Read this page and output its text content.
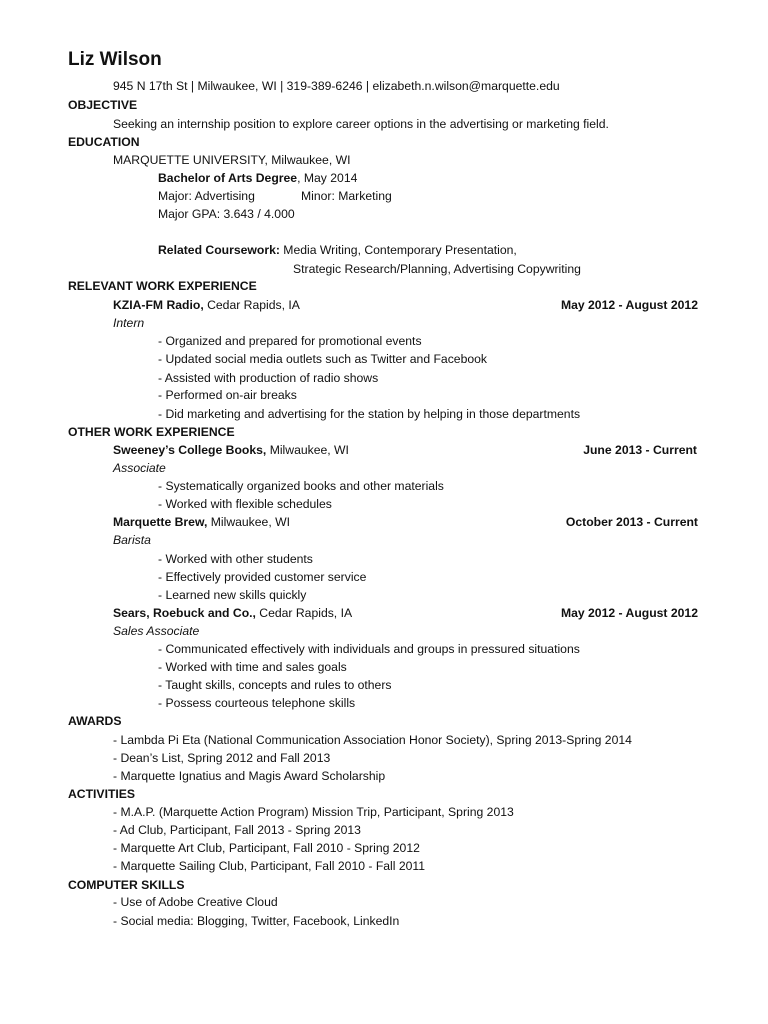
Liz Wilson
945 N 17th St | Milwaukee, WI | 319-389-6246 | elizabeth.n.wilson@marquette.edu
OBJECTIVE
Seeking an internship position to explore career options in the advertising or marketing field.
EDUCATION
MARQUETTE UNIVERSITY, Milwaukee, WI
Bachelor of Arts Degree, May 2014
Major: Advertising	Minor: Marketing
Major GPA: 3.643 / 4.000
Related Coursework: Media Writing, Contemporary Presentation,
Strategic Research/Planning, Advertising Copywriting
RELEVANT WORK EXPERIENCE
KZIA-FM Radio, Cedar Rapids, IA	May 2012 - August 2012
Intern
- Organized and prepared for promotional events
- Updated social media outlets such as Twitter and Facebook
- Assisted with production of radio shows
- Performed on-air breaks
- Did marketing and advertising for the station by helping in those departments
OTHER WORK EXPERIENCE
Sweeney’s College Books, Milwaukee, WI	June 2013 - Current
Associate
- Systematically organized books and other materials
- Worked with flexible schedules
Marquette Brew, Milwaukee, WI	October 2013 - Current
Barista
- Worked with other students
- Effectively provided customer service
- Learned new skills quickly
Sears, Roebuck and Co., Cedar Rapids, IA	May 2012 - August 2012
Sales Associate
- Communicated effectively with individuals and groups in pressured situations
- Worked with time and sales goals
- Taught skills, concepts and rules to others
- Possess courteous telephone skills
AWARDS
- Lambda Pi Eta (National Communication Association Honor Society), Spring 2013-Spring 2014
- Dean’s List, Spring 2012 and Fall 2013
- Marquette Ignatius and Magis Award Scholarship
ACTIVITIES
- M.A.P. (Marquette Action Program) Mission Trip, Participant, Spring 2013
- Ad Club, Participant, Fall 2013 - Spring 2013
- Marquette Art Club, Participant, Fall 2010 - Spring 2012
- Marquette Sailing Club, Participant, Fall 2010 - Fall 2011
COMPUTER SKILLS
- Use of Adobe Creative Cloud
- Social media: Blogging, Twitter, Facebook, LinkedIn
